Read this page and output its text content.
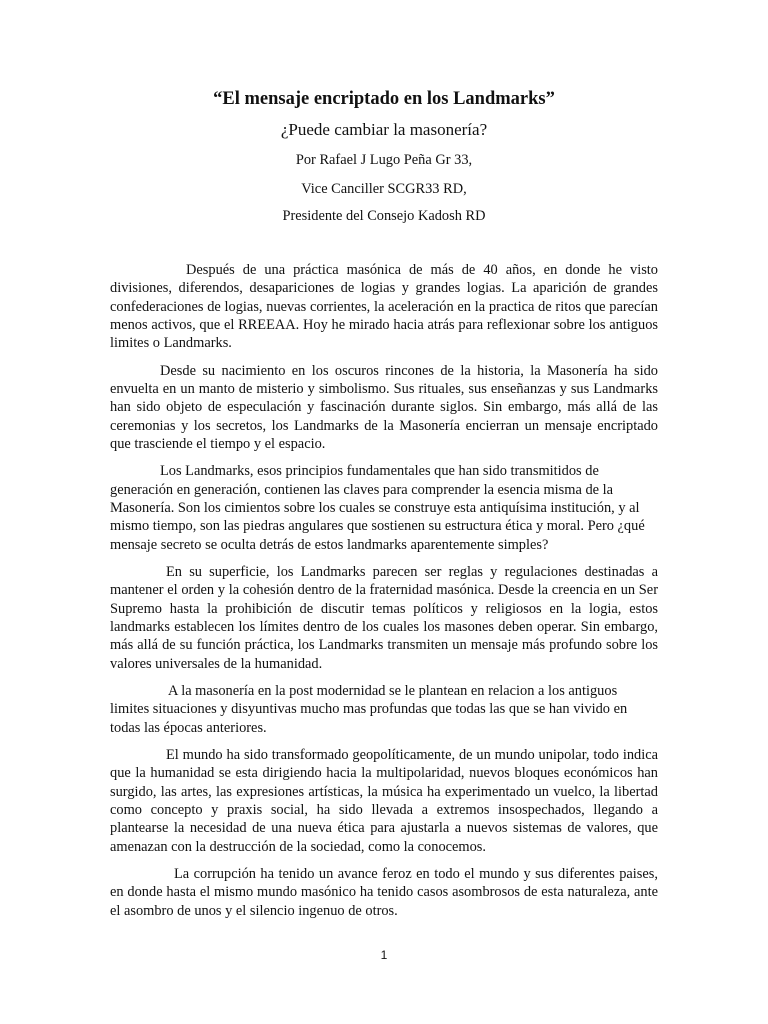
“El mensaje encriptado en los Landmarks”
¿Puede cambiar la masonería?
Por Rafael J Lugo Peña Gr 33,
Vice Canciller SCGR33 RD,
Presidente del Consejo Kadosh RD

Después de una práctica masónica de más de 40 años, en donde he visto divisiones, diferendos, desapariciones de logias y grandes logias. La aparición de grandes confederaciones de logias, nuevas corrientes, la aceleración en la practica de ritos que parecían menos activos, que el RREEAA. Hoy he mirado hacia atrás para reflexionar sobre los antiguos limites o Landmarks.

Desde su nacimiento en los oscuros rincones de la historia, la Masonería ha sido envuelta en un manto de misterio y simbolismo. Sus rituales, sus enseñanzas y sus Landmarks han sido objeto de especulación y fascinación durante siglos. Sin embargo, más allá de las ceremonias y los secretos, los Landmarks de la Masonería encierran un mensaje encriptado que trasciende el tiempo y el espacio.

Los Landmarks, esos principios fundamentales que han sido transmitidos de generación en generación, contienen las claves para comprender la esencia misma de la Masonería. Son los cimientos sobre los cuales se construye esta antiquísima institución, y al mismo tiempo, son las piedras angulares que sostienen su estructura ética y moral. Pero ¿qué mensaje secreto se oculta detrás de estos landmarks aparentemente simples?

En su superficie, los Landmarks parecen ser reglas y regulaciones destinadas a mantener el orden y la cohesión dentro de la fraternidad masónica. Desde la creencia en un Ser Supremo hasta la prohibición de discutir temas políticos y religiosos en la logia, estos landmarks establecen los límites dentro de los cuales los masones deben operar. Sin embargo, más allá de su función práctica, los Landmarks transmiten un mensaje más profundo sobre los valores universales de la humanidad.

A la masonería en la post modernidad se le plantean en relacion a los antiguos limites situaciones y disyuntivas mucho mas profundas que todas las que se han vivido en todas las épocas anteriores.

El mundo ha sido transformado geopolíticamente, de un mundo unipolar, todo indica que la humanidad se esta dirigiendo hacia la multipolaridad, nuevos bloques económicos han surgido, las artes, las expresiones artísticas, la música ha experimentado un vuelco, la libertad como concepto y praxis social, ha sido llevada a extremos insospechados, llegando a plantearse la necesidad de una nueva ética para ajustarla a nuevos sistemas de valores, que amenazan con la destrucción de la sociedad, como la conocemos.

La corrupción ha tenido un avance feroz en todo el mundo y sus diferentes paises, en donde hasta el mismo mundo masónico ha tenido casos asombrosos de esta naturaleza, ante el asombro de unos y el silencio ingenuo de otros.

1
